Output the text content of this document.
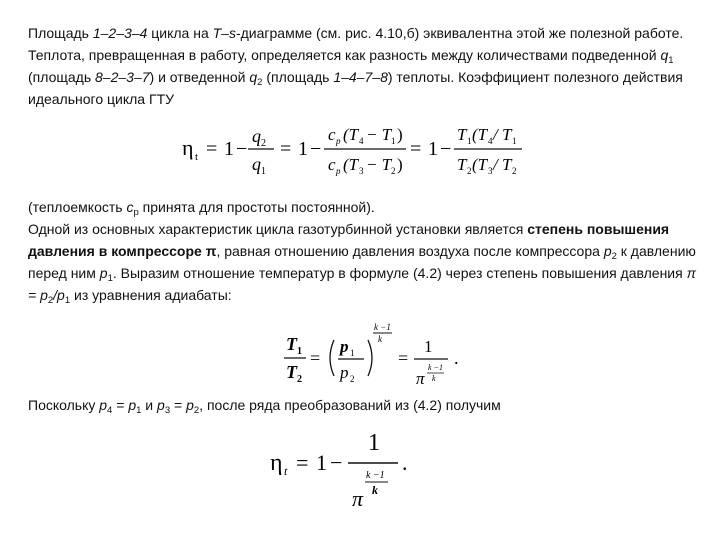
Площадь 1–2–3–4 цикла на T–s-диаграмме (см. рис. 4.10,б) эквивалентна этой же полезной работе. Теплота, превращенная в работу, определяется как разность между количествами подведенной $q_1$ (площадь 8–2–3–7) и отведенной $q_2$ (площадь 1–4–7–8) теплоты. Коэффициент полезного действия идеального цикла ГТУ

η t = 1 −
q 2
q 1
= 1 −
c p (T 4 − T 1 )
c p (T 3 − T 2 )
= 1 −
T 1 (T 4 / T 1
T 2 (T 3 / T 2

(теплоемкость $c_p$ принята для простоты постоянной).
Одной из основных характеристик цикла газотурбинной установки является степень повышения давления в компрессоре π, равная отношению давления воздуха после компрессора $p_2$ к давлению перед ним $p_1$. Выразим отношение температур в формуле (4.2) через степень повышения давления $\pi = p_2/p_1$ из уравнения адиабаты:

T 1
T 2
=
p 1
p 2
k −1
k
=
1
π
k −1
k
.

Поскольку $p_4 = p_1$ и $p_3 = p_2$, после ряда преобразований из (4.2) получим

η t = 1 −
1
π
k −1
k
.
